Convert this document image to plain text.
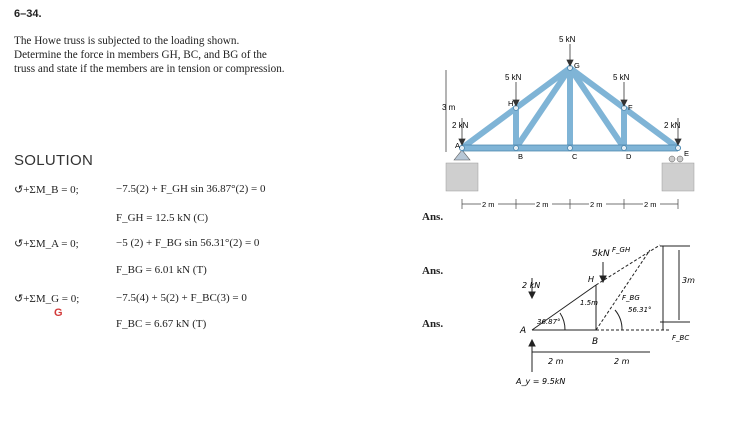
6–34.
The Howe truss is subjected to the loading shown.
Determine the force in members GH, BC, and BG of the
truss and state if the members are in tension or compression.
SOLUTION
↺+ΣM_B = 0;	−7.5(2) + F_GH sin 36.87°(2) = 0
F_GH = 12.5 kN (C)	Ans.
↺+ΣM_A = 0;	−5 (2) + F_BG sin 56.31°(2) = 0
F_BG = 6.01 kN (T)	Ans.
↺+ΣM_G = 0;	−7.5(4) + 5(2) + F_BC(3) = 0
G
F_BC = 6.67 kN (T)	Ans.
3 m
5 kN
5 kN	5 kN
2 kN	2 kN
A
B	C	D	E
F
G
H
2 m	2 m	2 m	2 m
5kN F_GH
F_BG
F_BC
36.87°
56.31°
1.5m
3m
2 m	2 m
2 kN
A
B
H
A_y = 9.5kN
